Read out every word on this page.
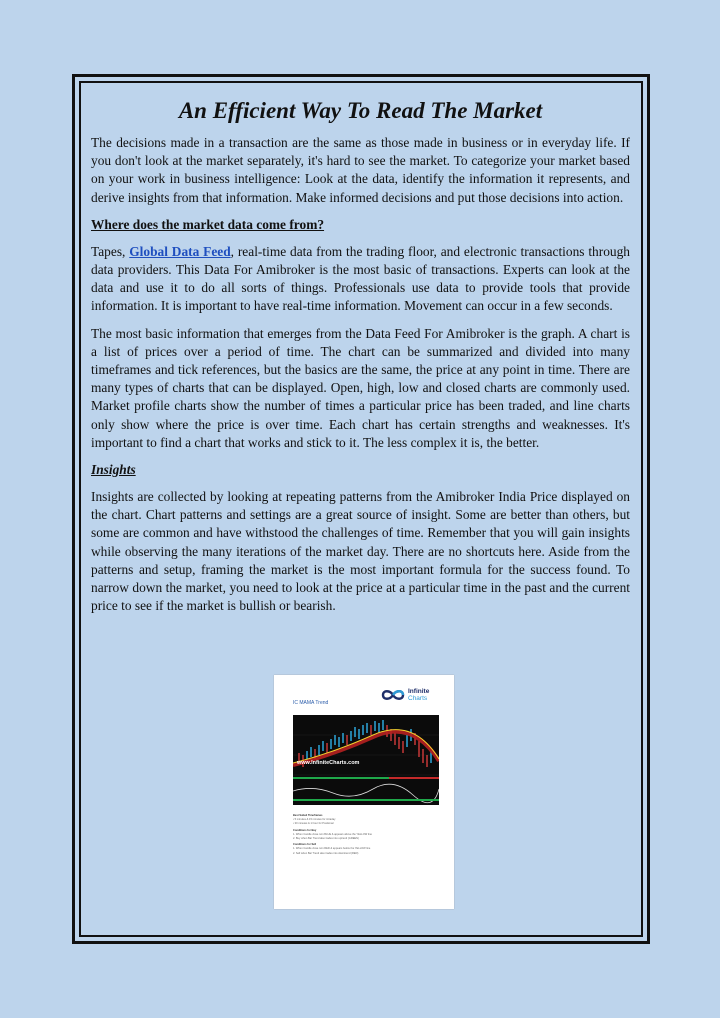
An Efficient Way To Read The Market

The decisions made in a transaction are the same as those made in business or in everyday life. If you don't look at the market separately, it's hard to see the market. To categorize your market based on your work in business intelligence: Look at the data, identify the information it represents, and derive insights from that information. Make informed decisions and put those decisions into action.

Where does the market data come from?

Tapes, Global Data Feed, real-time data from the trading floor, and electronic transactions through data providers. This Data For Amibroker is the most basic of transactions. Experts can look at the data and use it to do all sorts of things. Professionals use data to provide tools that provide information. It is important to have real-time information. Movement can occur in a few seconds.

The most basic information that emerges from the Data Feed For Amibroker is the graph. A chart is a list of prices over a period of time. The chart can be summarized and divided into many timeframes and tick references, but the basics are the same, the price at any point in time. There are many types of charts that can be displayed. Open, high, low and closed charts are commonly used. Market profile charts show the number of times a particular price has been traded, and line charts only show where the price is over time. Each chart has certain strengths and weaknesses. It's important to find a chart that works and stick to it. The less complex it is, the better.

Insights

Insights are collected by looking at repeating patterns from the Amibroker India Price displayed on the chart. Chart patterns and settings are a great source of insight. Some are better than others, but some are common and have withstood the challenges of time. Remember that you will gain insights while observing the many iterations of the market day. There are no shortcuts here. Aside from the patterns and setup, framing the market is the most important formula for the success found. To narrow down the market, you need to look at the price at a particular time in the past and the current price to see if the market is bullish or bearish.

IC MAMA Trend
Infinite
Charts
www.InfiniteCharts.com
Best Suited Timeframes
• 5 minutes & 15 minutes for intraday
• 30 minutes & 1 hour for Positional
Conditions for Buy
1. When Candle close turn BLUE & appears above the YELLOW line
2. Buy when Bar Trend also trades into uptrend (GREEN)
Conditions for Sell
1. When Candle close turn RED & appears below the YELLOW line
2. Sell when Bar Trend also trades into downtrend (RED)
